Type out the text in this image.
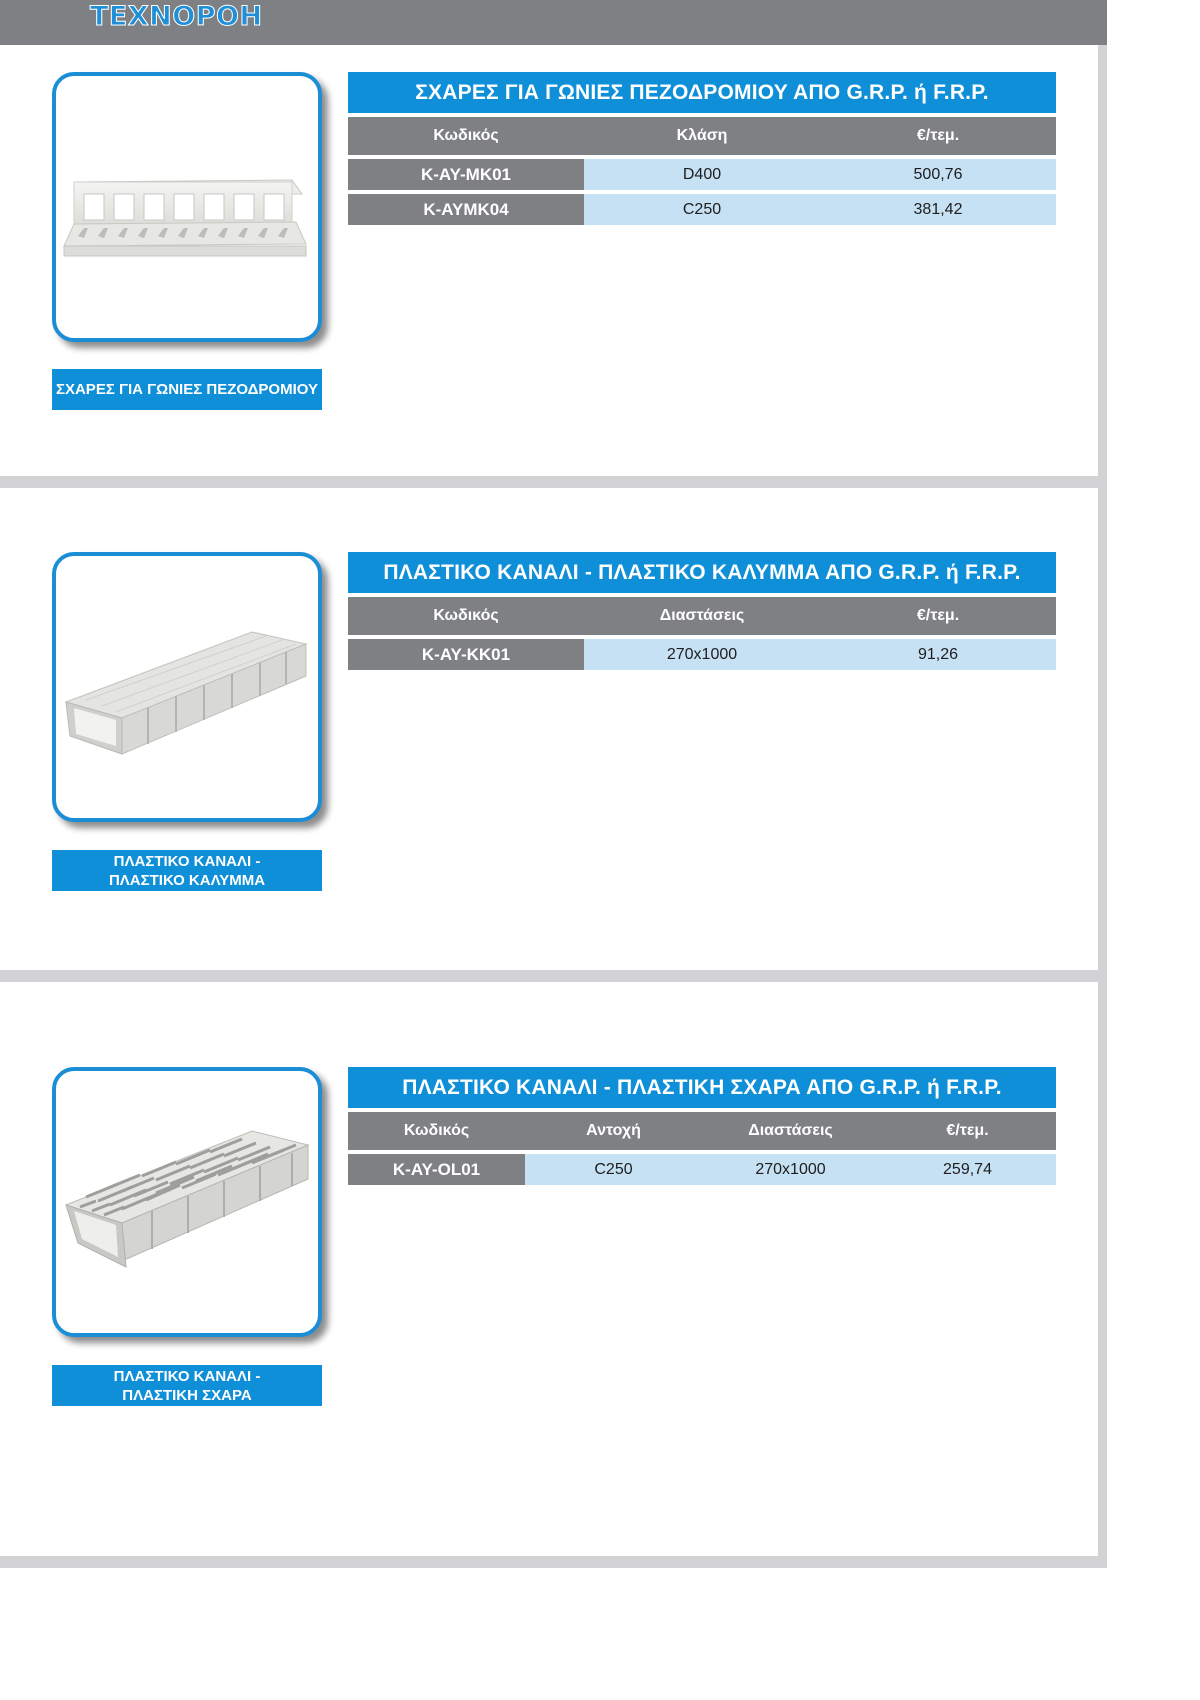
ΤΕΧΝΟΡΟΗ
ΣΧΑΡΕΣ ΓΙΑ ΓΩΝΙΕΣ ΠΕΖΟΔΡΟΜΙΟΥ
ΣΧΑΡΕΣ ΓΙΑ ΓΩΝΙΕΣ ΠΕΖΟΔΡΟΜΙΟΥ ΑΠΟ G.R.P. ή F.R.P.
Κωδικός	Κλάση	€/τεμ.

K-AY-MK01	D400	500,76

K-AYMK04	C250	381,42
ΠΛΑΣΤΙΚΟ ΚΑΝΑΛΙ -
ΠΛΑΣΤΙΚΟ ΚΑΛΥΜΜΑ
ΠΛΑΣΤΙΚΟ ΚΑΝΑΛΙ - ΠΛΑΣΤΙΚΟ ΚΑΛΥΜΜΑ ΑΠΟ G.R.P. ή F.R.P.
Κωδικός	Διαστάσεις	€/τεμ.

K-AY-KK01	270x1000	91,26
ΠΛΑΣΤΙΚΟ ΚΑΝΑΛΙ -
ΠΛΑΣΤΙΚΗ ΣΧΑΡΑ
ΠΛΑΣΤΙΚΟ ΚΑΝΑΛΙ - ΠΛΑΣΤΙΚΗ ΣΧΑΡΑ ΑΠΟ G.R.P. ή F.R.P.
Κωδικός	Αντοχή	Διαστάσεις	€/τεμ.

K-AY-OL01	C250	270x1000	259,74
